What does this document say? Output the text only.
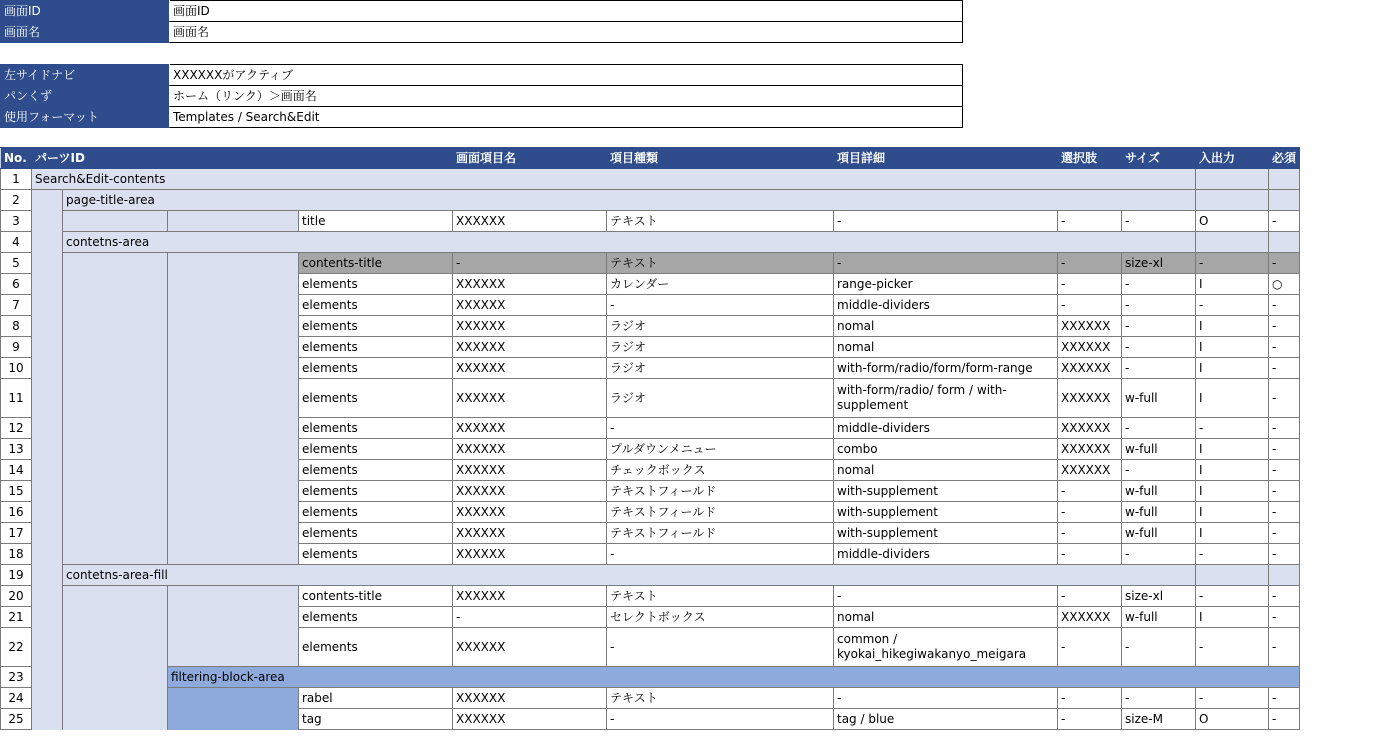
画面ID	画面ID
画面名	画面名
左サイドナビ	XXXXXXがアクティブ
パンくず	ホーム（リンク）＞画面名
使用フォーマット	Templates / Search&Edit
No.	パーツID				画面項目名	項目種類	項目詳細	選択肢	サイズ	入出力	必須
1	Search&Edit-contents										
2		page-title-area									
3				title	XXXXXX	テキスト	-	-	-	O	-
4		contetns-area									
5				contents-title	-	テキスト	-	-	size-xl	-	-
6				elements	XXXXXX	カレンダー	range-picker	-	-	I	○
7				elements	XXXXXX	-	middle-dividers	-	-	-	-
8				elements	XXXXXX	ラジオ	nomal	XXXXXX	-	I	-
9				elements	XXXXXX	ラジオ	nomal	XXXXXX	-	I	-
10				elements	XXXXXX	ラジオ	with-form/radio/form/form-range	XXXXXX	-	I	-
11				elements	XXXXXX	ラジオ	with-form/radio/ form / with-supplement	XXXXXX	w-full	I	-
12				elements	XXXXXX	-	middle-dividers	XXXXXX	-	-	-
13				elements	XXXXXX	プルダウンメニュー	combo	XXXXXX	w-full	I	-
14				elements	XXXXXX	チェックボックス	nomal	XXXXXX	-	I	-
15				elements	XXXXXX	テキストフィールド	with-supplement	-	w-full	I	-
16				elements	XXXXXX	テキストフィールド	with-supplement	-	w-full	I	-
17				elements	XXXXXX	テキストフィールド	with-supplement	-	w-full	I	-
18				elements	XXXXXX	-	middle-dividers	-	-	-	-
19		contetns-area-fill									
20				contents-title	XXXXXX	テキスト	-	-	size-xl	-	-
21				elements	-	セレクトボックス	nomal	XXXXXX	w-full	I	-
22				elements	XXXXXX	-	common / kyokai_hikegiwakanyo_meigara	-	-	-	-
23			filtering-block-area								
24				rabel	XXXXXX	テキスト	-	-	-	-	-
25				tag	XXXXXX	-	tag / blue	-	size-M	O	-
